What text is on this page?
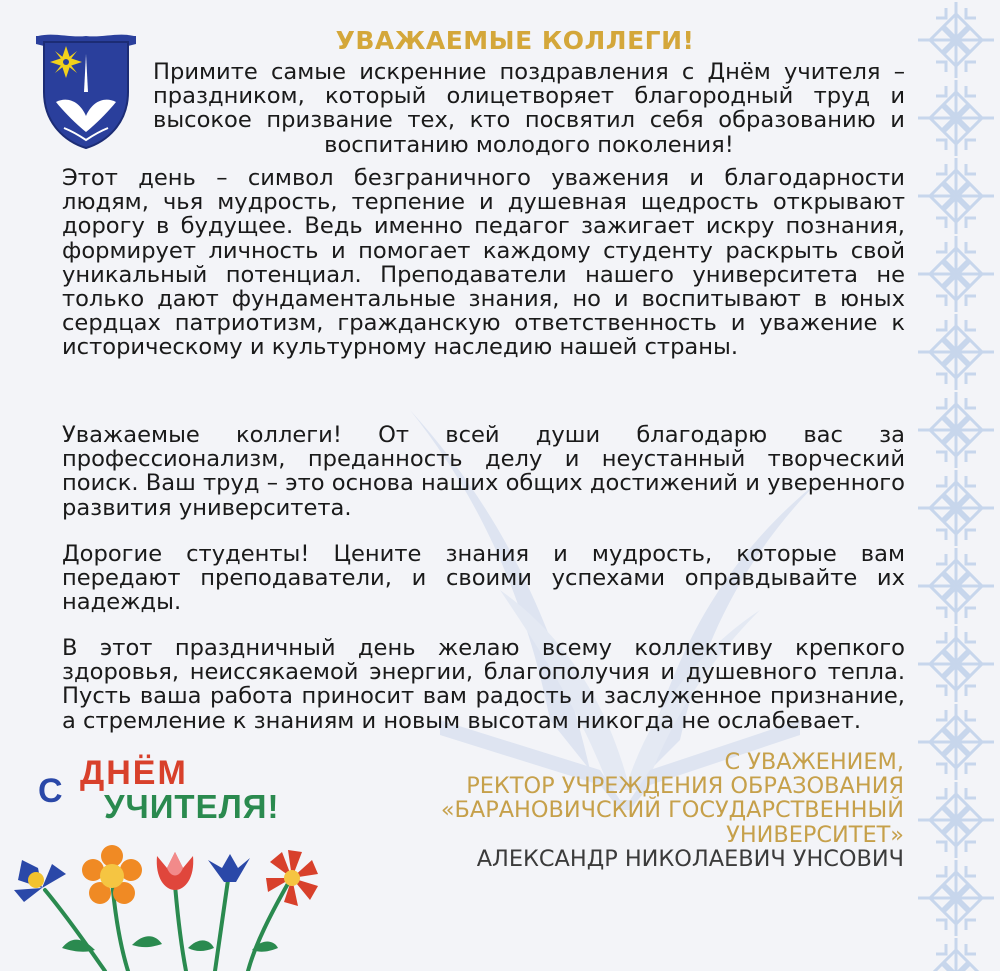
УВАЖАЕМЫЕ КОЛЛЕГИ!

Примите самые искренние поздравления с Днём учителя – праздником, который олицетворяет благородный труд и высокое призвание тех, кто посвятил себя образованию и воспитанию молодого поколения!

Этот день – символ безграничного уважения и благодарности людям, чья мудрость, терпение и душевная щедрость открывают дорогу в будущее. Ведь именно педагог зажигает искру познания, формирует личность и помогает каждому студенту раскрыть свой уникальный потенциал. Преподаватели нашего университета не только дают фундаментальные знания, но и воспитывают в юных сердцах патриотизм, гражданскую ответственность и уважение к историческому и культурному наследию нашей страны.

Уважаемые коллеги! От всей души благодарю вас за профессионализм, преданность делу и неустанный творческий поиск. Ваш труд – это основа наших общих достижений и уверенного развития университета.

Дорогие студенты! Цените знания и мудрость, которые вам передают преподаватели, и своими успехами оправдывайте их надежды.

В этот праздничный день желаю всему коллективу крепкого здоровья, неиссякаемой энергии, благополучия и душевного тепла. Пусть ваша работа приносит вам радость и заслуженное признание, а стремление к знаниям и новым высотам никогда не ослабевает.

С УВАЖЕНИЕМ,
РЕКТОР УЧРЕЖДЕНИЯ ОБРАЗОВАНИЯ
«БАРАНОВИЧСКИЙ ГОСУДАРСТВЕННЫЙ
УНИВЕРСИТЕТ»
АЛЕКСАНДР НИКОЛАЕВИЧ УНСОВИЧ
С ДНЁМ
УЧИТЕЛЯ!
